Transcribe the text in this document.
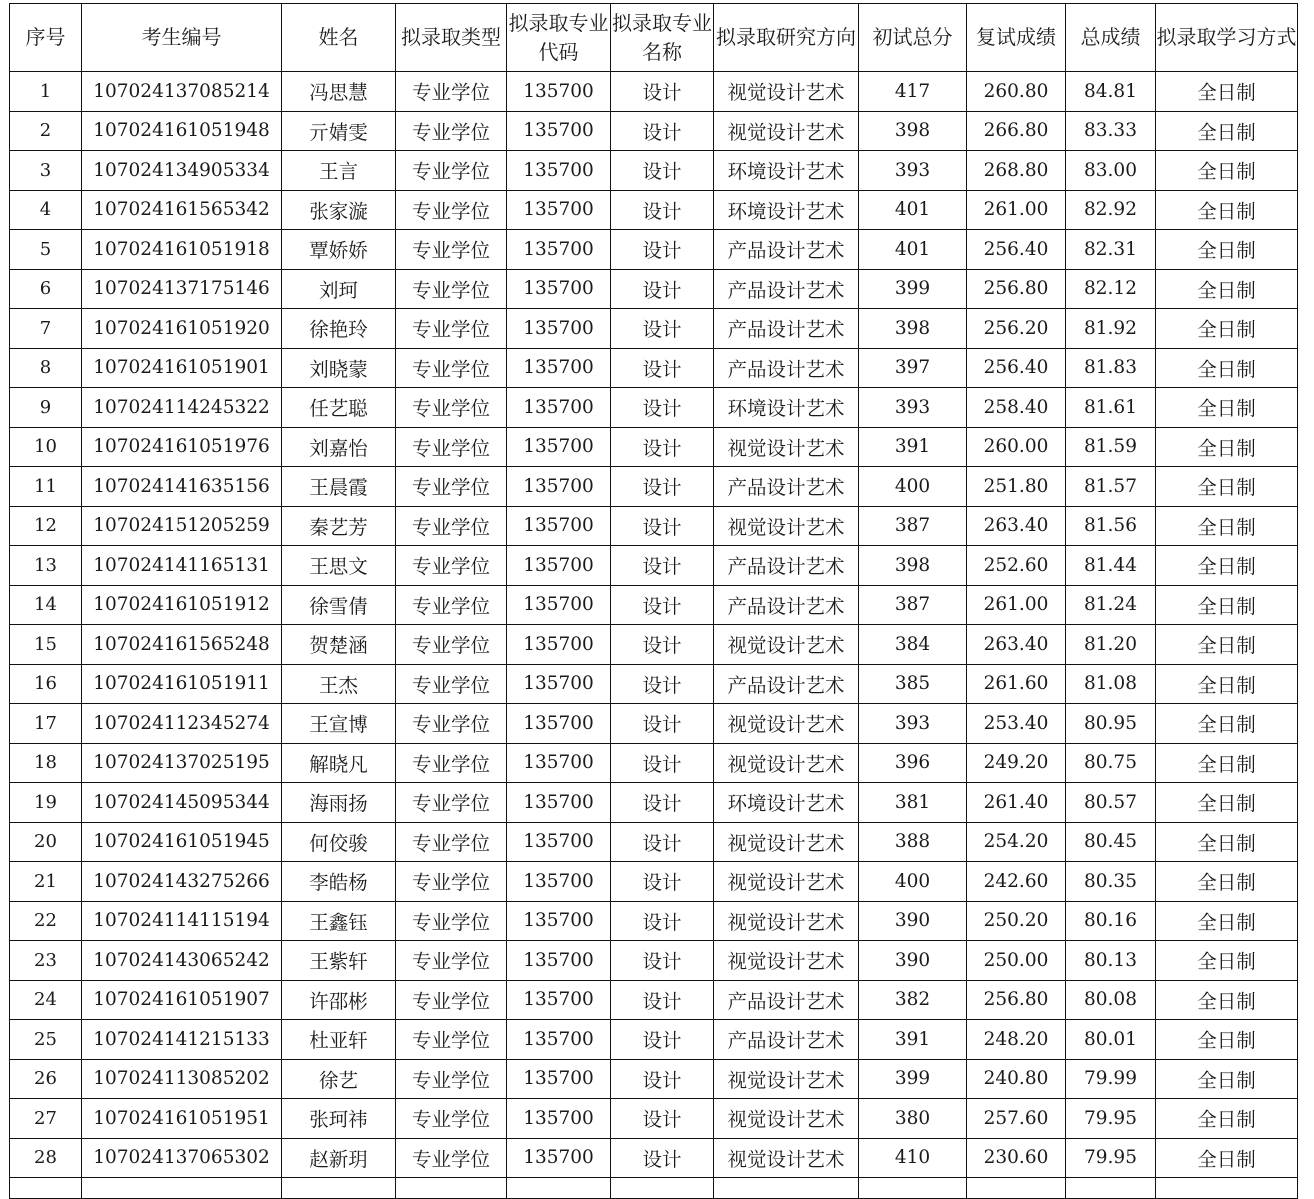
序号	考生编号	姓名	拟录取类型	拟录取专业代码	拟录取专业名称	拟录取研究方向	初试总分	复试成绩	总成绩	拟录取学习方式
1	107024137085214	冯思慧	专业学位	135700	设计	视觉设计艺术	417	260.80	84.81	全日制
2	107024161051948	亓婧雯	专业学位	135700	设计	视觉设计艺术	398	266.80	83.33	全日制
3	107024134905334	王言	专业学位	135700	设计	环境设计艺术	393	268.80	83.00	全日制
4	107024161565342	张家漩	专业学位	135700	设计	环境设计艺术	401	261.00	82.92	全日制
5	107024161051918	覃娇娇	专业学位	135700	设计	产品设计艺术	401	256.40	82.31	全日制
6	107024137175146	刘珂	专业学位	135700	设计	产品设计艺术	399	256.80	82.12	全日制
7	107024161051920	徐艳玲	专业学位	135700	设计	产品设计艺术	398	256.20	81.92	全日制
8	107024161051901	刘晓蒙	专业学位	135700	设计	产品设计艺术	397	256.40	81.83	全日制
9	107024114245322	任艺聪	专业学位	135700	设计	环境设计艺术	393	258.40	81.61	全日制
10	107024161051976	刘嘉怡	专业学位	135700	设计	视觉设计艺术	391	260.00	81.59	全日制
11	107024141635156	王晨霞	专业学位	135700	设计	产品设计艺术	400	251.80	81.57	全日制
12	107024151205259	秦艺芳	专业学位	135700	设计	视觉设计艺术	387	263.40	81.56	全日制
13	107024141165131	王思文	专业学位	135700	设计	产品设计艺术	398	252.60	81.44	全日制
14	107024161051912	徐雪倩	专业学位	135700	设计	产品设计艺术	387	261.00	81.24	全日制
15	107024161565248	贺楚涵	专业学位	135700	设计	视觉设计艺术	384	263.40	81.20	全日制
16	107024161051911	王杰	专业学位	135700	设计	产品设计艺术	385	261.60	81.08	全日制
17	107024112345274	王宣博	专业学位	135700	设计	视觉设计艺术	393	253.40	80.95	全日制
18	107024137025195	解晓凡	专业学位	135700	设计	视觉设计艺术	396	249.20	80.75	全日制
19	107024145095344	海雨扬	专业学位	135700	设计	环境设计艺术	381	261.40	80.57	全日制
20	107024161051945	何佼骏	专业学位	135700	设计	视觉设计艺术	388	254.20	80.45	全日制
21	107024143275266	李皓杨	专业学位	135700	设计	视觉设计艺术	400	242.60	80.35	全日制
22	107024114115194	王鑫钰	专业学位	135700	设计	视觉设计艺术	390	250.20	80.16	全日制
23	107024143065242	王紫轩	专业学位	135700	设计	视觉设计艺术	390	250.00	80.13	全日制
24	107024161051907	许邵彬	专业学位	135700	设计	产品设计艺术	382	256.80	80.08	全日制
25	107024141215133	杜亚轩	专业学位	135700	设计	产品设计艺术	391	248.20	80.01	全日制
26	107024113085202	徐艺	专业学位	135700	设计	视觉设计艺术	399	240.80	79.99	全日制
27	107024161051951	张珂祎	专业学位	135700	设计	视觉设计艺术	380	257.60	79.95	全日制
28	107024137065302	赵新玥	专业学位	135700	设计	视觉设计艺术	410	230.60	79.95	全日制
